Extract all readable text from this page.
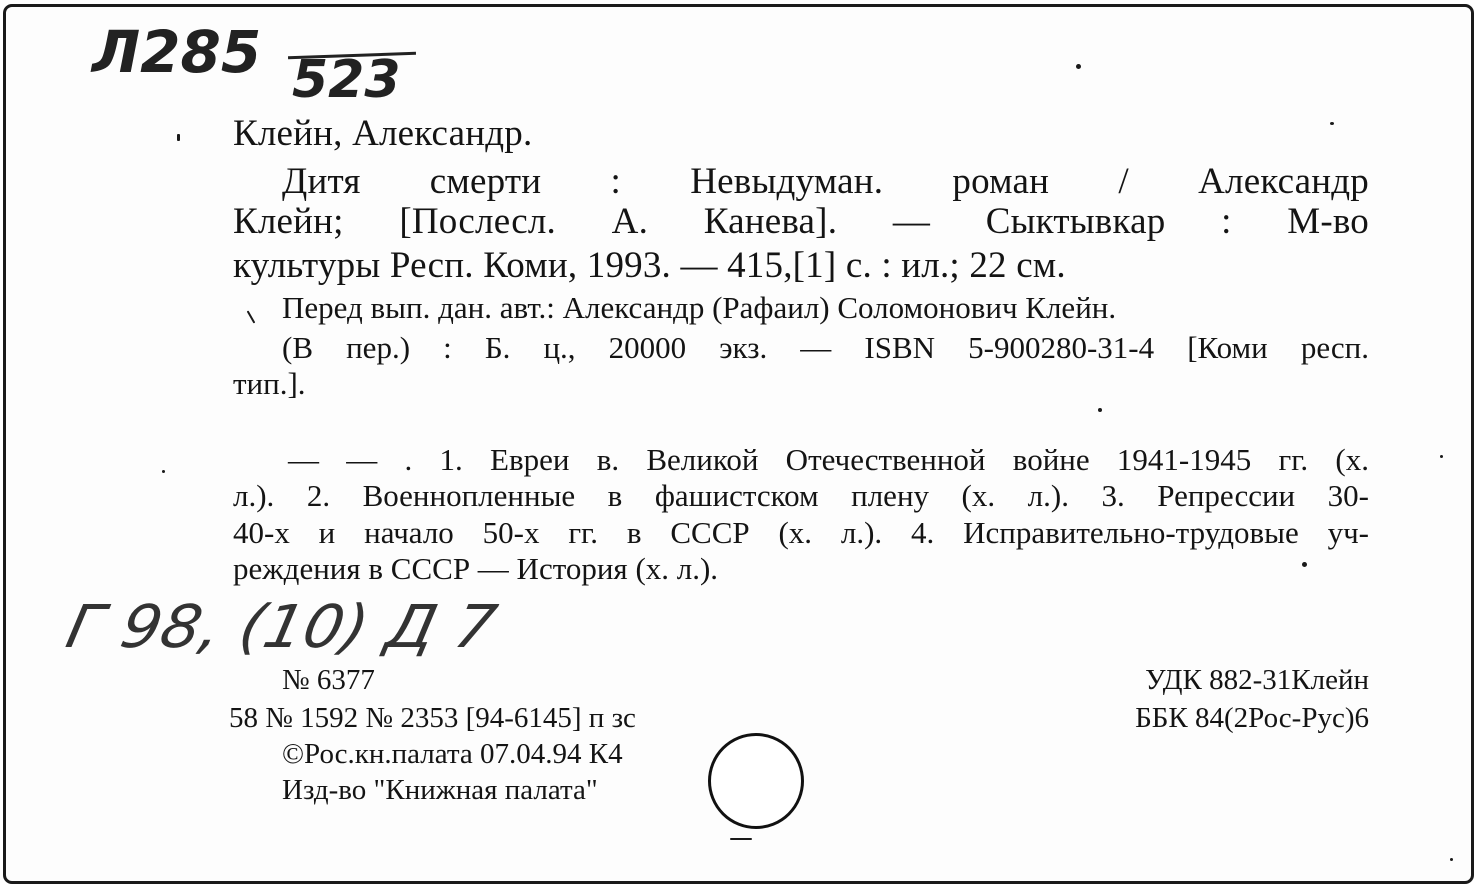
Л285 523
Клейн, Александр.
Дитя смерти : Невыдуман. роман / Александр
Клейн; [Послесл. А. Канева]. — Сыктывкар : М-во
культуры Респ. Коми, 1993. — 415,[1] с. : ил.; 22 см.
Перед вып. дан. авт.: Александр (Рафаил) Соломонович Клейн.
(В пер.) : Б. ц., 20000 экз. — ISBN 5-900280-31-4 [Коми респ.
тип.].
— — . 1. Евреи в. Великой Отечественной войне 1941-1945 гг. (х.
л.). 2. Военнопленные в фашистском плену (х. л.). 3. Репрессии 30-
40-х и начало 50-х гг. в СССР (х. л.). 4. Исправительно-трудовые уч-
реждения в СССР — История (х. л.).
Г 98, (10) Д 7
№ 6377
58 № 1592 № 2353 [94-6145] п зс
©Рос.кн.палата 07.04.94 К4
Изд-во "Книжная палата"
УДК 882-31Клейн
ББК 84(2Рос-Рус)6
